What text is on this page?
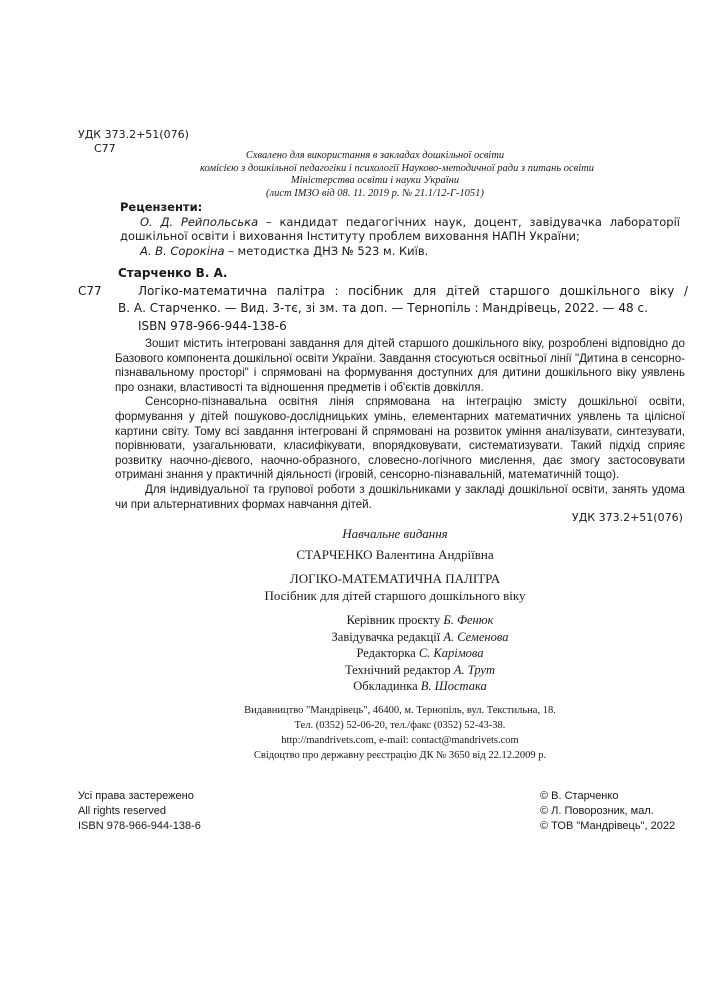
УДК 373.2+51(076)
С77
Схвалено для використання в закладах дошкільної освіти
комісією з дошкільної педагогіки і психології Науково-методичної ради з питань освіти
Міністерства освіти і науки України
(лист ІМЗО від 08. 11. 2019 р. № 21.1/12-Г-1051)

Рецензенти:

О. Д. Рейпольська – кандидат педагогічних наук, доцент, завідувачка лабораторії дошкільної освіти і виховання Інституту проблем виховання НАПН України;

А. В. Сорокіна – методистка ДНЗ № 523 м. Київ.

Старченко В. А.
С77	Логіко-математична палітра : посібник для дітей старшого дошкільного віку /
В. А. Старченко. — Вид. 3-тє, зі зм. та доп. — Тернопіль : Мандрівець, 2022. — 48 с.
ISBN 978-966-944-138-6

Зошит містить інтегровані завдання для дітей старшого дошкільного віку, розроблені відповідно до Базового компонента дошкільної освіти України. Завдання стосуються освітньої лінії "Дитина в сенсорно-пізнавальному просторі" і спрямовані на формування доступних для дитини дошкільного віку уявлень про ознаки, властивості та відношення предметів і об'єктів довкілля.

Сенсорно-пізнавальна освітня лінія спрямована на інтеграцію змісту дошкільної освіти, формування у дітей пошуково-дослідницьких умінь, елементарних математичних уявлень та цілісної картини світу. Тому всі завдання інтегровані й спрямовані на розвиток уміння аналізувати, синтезувати, порівнювати, узагальнювати, класифікувати, впорядковувати, систематизувати. Такий підхід сприяє розвитку наочно-дієвого, наочно-образного, словесно-логічного мислення, дає змогу застосовувати отримані знання у практичній діяльності (ігровій, сенсорно-пізнавальній, математичній тощо).

Для індивідуальної та групової роботи з дошкільниками у закладі дошкільної освіти, занять удома чи при альтернативних формах навчання дітей.

УДК 373.2+51(076)
Навчальне видання
СТАРЧЕНКО Валентина Андріївна
ЛОГІКО-МАТЕМАТИЧНА ПАЛІТРА
Посібник для дітей старшого дошкільного віку
Керівник проєкту Б. Фенюк
Завідувачка редакції А. Семенова
Редакторка С. Карімова
Технічний редактор А. Трут
Обкладинка В. Шостака
Видавництво "Мандрівець", 46400, м. Тернопіль, вул. Текстильна, 18.
Тел. (0352) 52-06-20, тел./факс (0352) 52-43-38.
http://mandrivets.com, e-mail: contact@mandrivets.com
Свідоцтво про державну реєстрацію ДК № 3650 від 22.12.2009 р.
Усі права застережено
All rights reserved
ISBN 978-966-944-138-6
© В. Старченко
© Л. Поворозник, мал.
© ТОВ "Мандрівець", 2022
